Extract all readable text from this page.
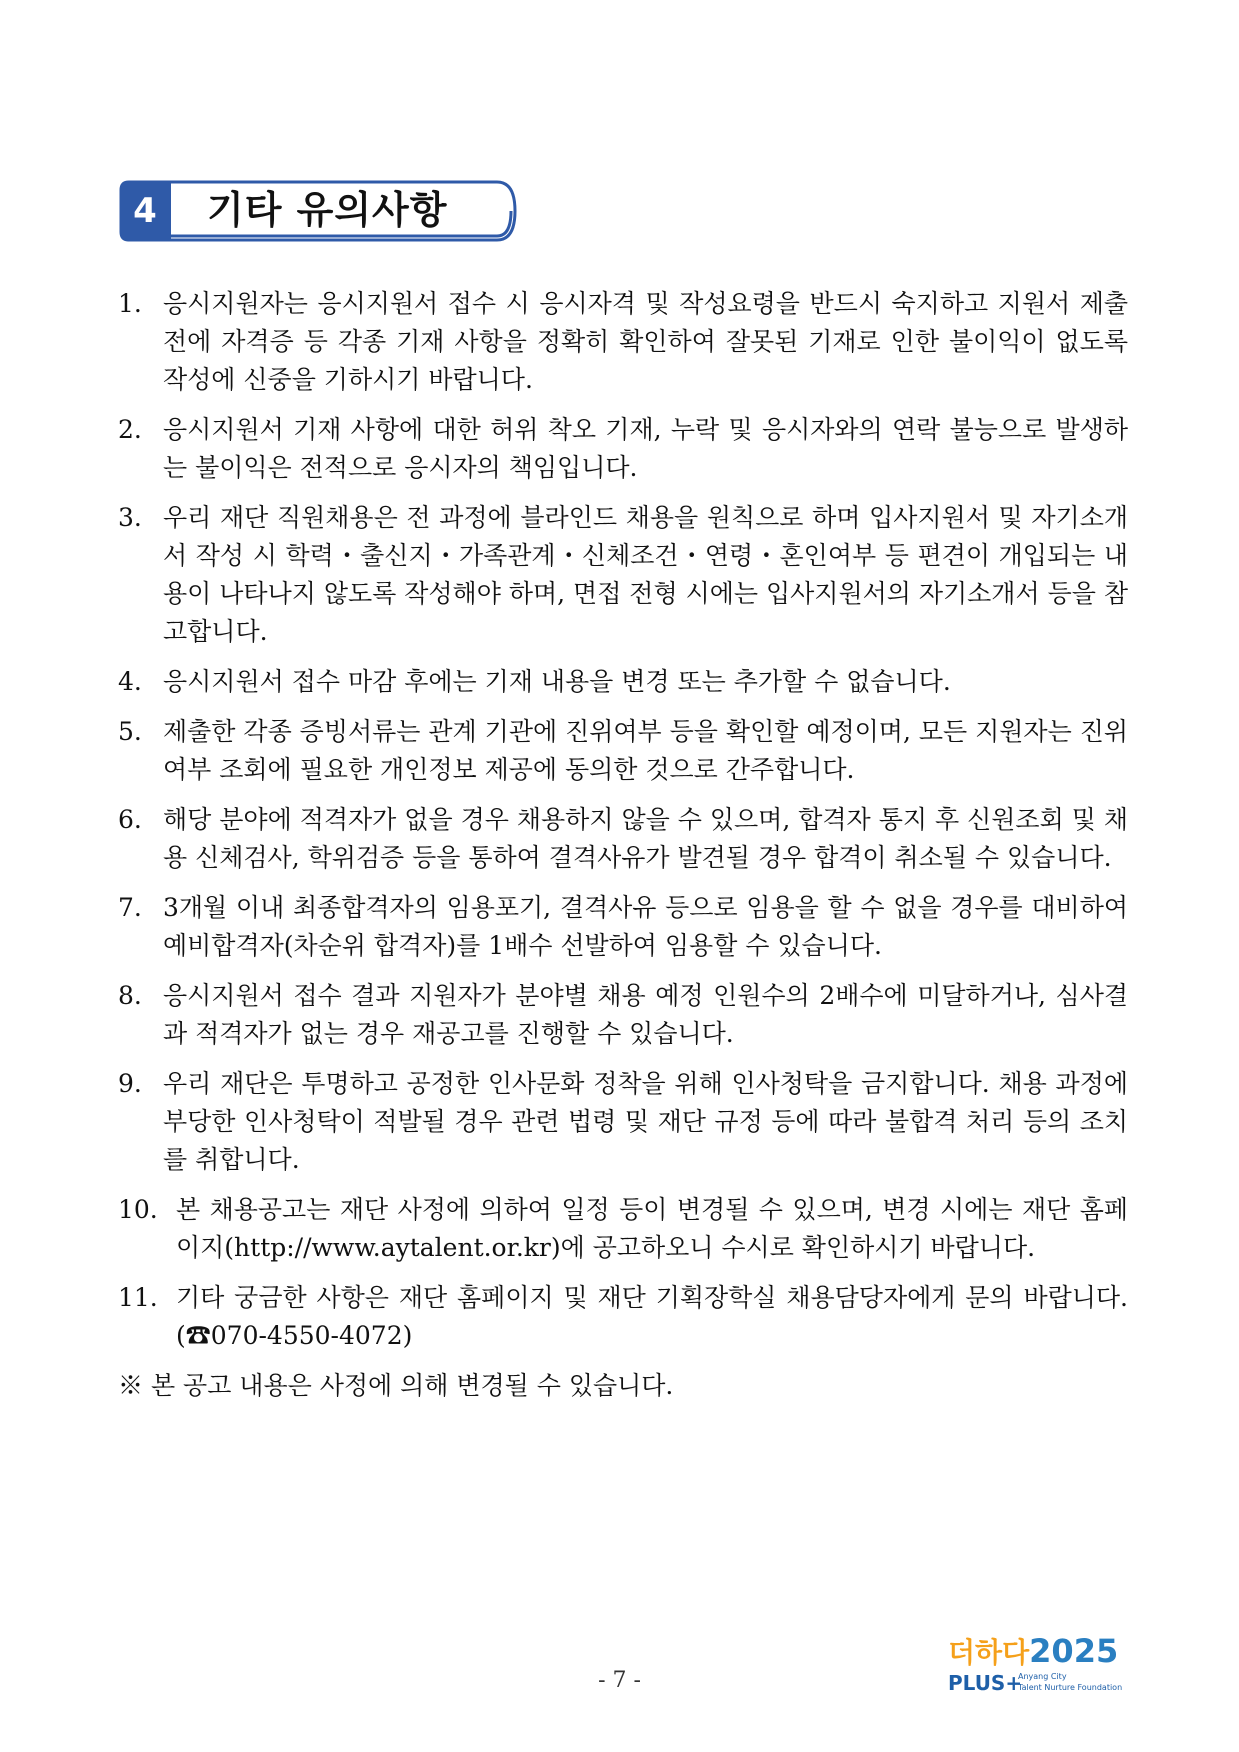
4	기타 유의사항
1. 응시지원자는 응시지원서 접수 시 응시자격 및 작성요령을 반드시 숙지하고 지원서 제출 전에 자격증 등 각종 기재 사항을 정확히 확인하여 잘못된 기재로 인한 불이익이 없도록 작성에 신중을 기하시기 바랍니다.
2. 응시지원서 기재 사항에 대한 허위 착오 기재, 누락 및 응시자와의 연락 불능으로 발생하는 불이익은 전적으로 응시자의 책임입니다.
3. 우리 재단 직원채용은 전 과정에 블라인드 채용을 원칙으로 하며 입사지원서 및 자기소개서 작성 시 학력・출신지・가족관계・신체조건・연령・혼인여부 등 편견이 개입되는 내용이 나타나지 않도록 작성해야 하며, 면접 전형 시에는 입사지원서의 자기소개서 등을 참고합니다.
4. 응시지원서 접수 마감 후에는 기재 내용을 변경 또는 추가할 수 없습니다.
5. 제출한 각종 증빙서류는 관계 기관에 진위여부 등을 확인할 예정이며, 모든 지원자는 진위여부 조회에 필요한 개인정보 제공에 동의한 것으로 간주합니다.
6. 해당 분야에 적격자가 없을 경우 채용하지 않을 수 있으며, 합격자 통지 후 신원조회 및 채용 신체검사, 학위검증 등을 통하여 결격사유가 발견될 경우 합격이 취소될 수 있습니다.
7. 3개월 이내 최종합격자의 임용포기, 결격사유 등으로 임용을 할 수 없을 경우를 대비하여 예비합격자(차순위 합격자)를 1배수 선발하여 임용할 수 있습니다.
8. 응시지원서 접수 결과 지원자가 분야별 채용 예정 인원수의 2배수에 미달하거나, 심사결과 적격자가 없는 경우 재공고를 진행할 수 있습니다.
9. 우리 재단은 투명하고 공정한 인사문화 정착을 위해 인사청탁을 금지합니다. 채용 과정에 부당한 인사청탁이 적발될 경우 관련 법령 및 재단 규정 등에 따라 불합격 처리 등의 조치를 취합니다.
10. 본 채용공고는 재단 사정에 의하여 일정 등이 변경될 수 있으며, 변경 시에는 재단 홈페이지(http://www.aytalent.or.kr)에 공고하오니 수시로 확인하시기 바랍니다.
11. 기타 궁금한 사항은 재단 홈페이지 및 재단 기획장학실 채용담당자에게 문의 바랍니다. (☎070-4550-4072)
※ 본 공고 내용은 사정에 의해 변경될 수 있습니다.
- 7 -
더하다2025
PLUS+
Anyang City
Talent Nurture Foundation
